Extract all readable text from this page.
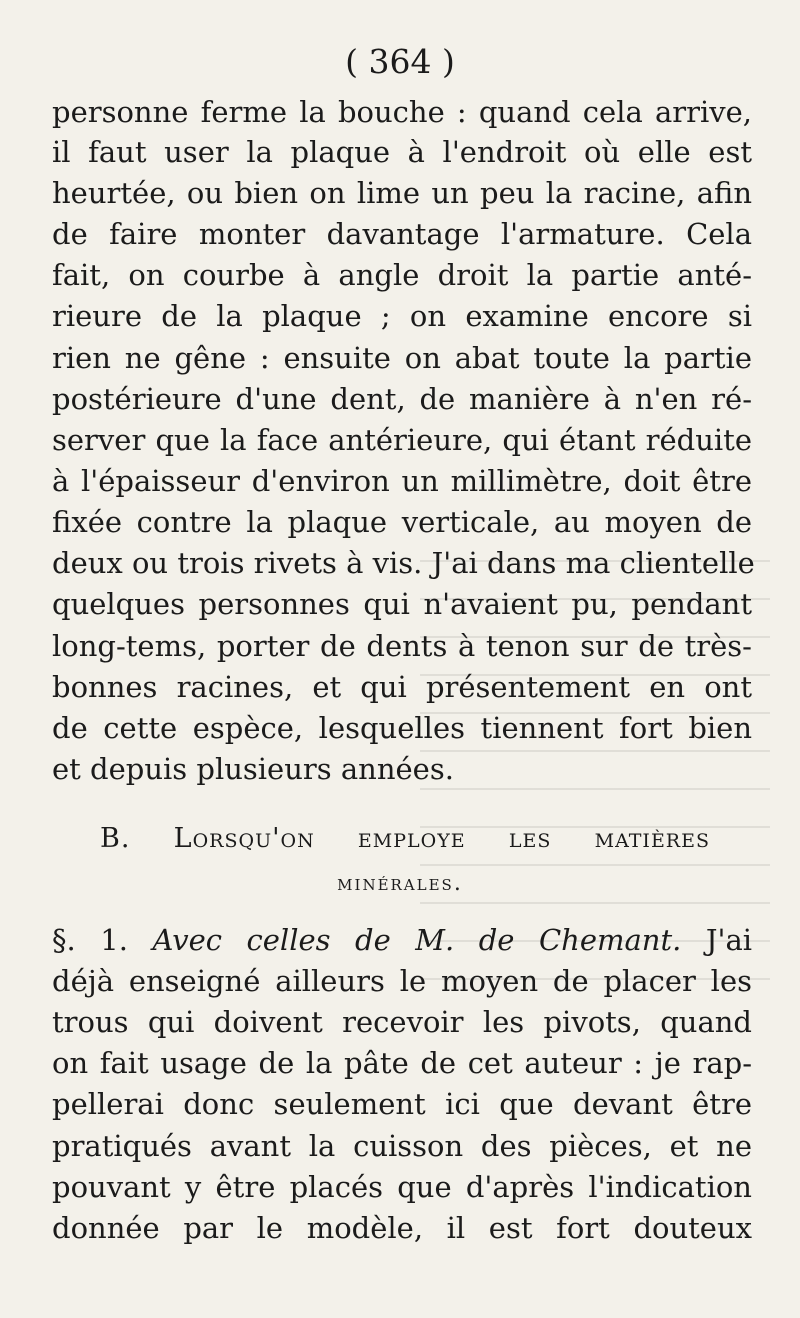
( 364 )
personne ferme la bouche : quand cela arrive,
il faut user la plaque à l'endroit où elle est
heurtée, ou bien on lime un peu la racine, afin
de faire monter davantage l'armature. Cela
fait, on courbe à angle droit la partie anté-
rieure de la plaque ; on examine encore si
rien ne gêne : ensuite on abat toute la partie
postérieure d'une dent, de manière à n'en ré-
server que la face antérieure, qui étant réduite
à l'épaisseur d'environ un millimètre, doit être
fixée contre la plaque verticale, au moyen de
deux ou trois rivets à vis. J'ai dans ma clientelle
quelques personnes qui n'avaient pu, pendant
long-tems, porter de dents à tenon sur de très-
bonnes racines, et qui présentement en ont
de cette espèce, lesquelles tiennent fort bien
et depuis plusieurs années.
B. Lorsqu'on employe les matières
minérales.
§. 1. Avec celles de M. de Chemant. J'ai
déjà enseigné ailleurs le moyen de placer les
trous qui doivent recevoir les pivots, quand
on fait usage de la pâte de cet auteur : je rap-
pellerai donc seulement ici que devant être
pratiqués avant la cuisson des pièces, et ne
pouvant y être placés que d'après l'indication
donnée par le modèle, il est fort douteux
